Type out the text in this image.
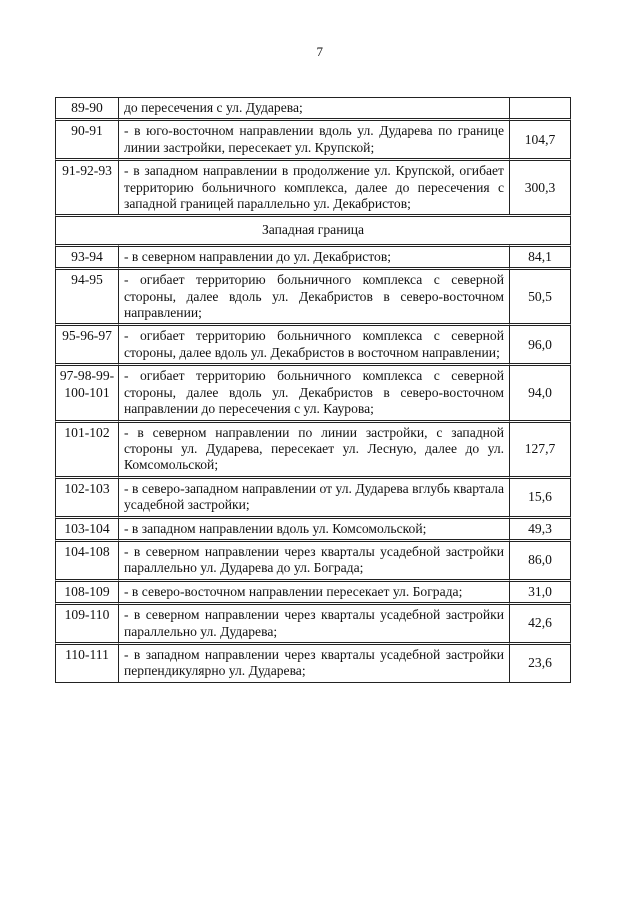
7
89-90	до пересечения с ул. Дударева;	
90-91	- в юго-восточном направлении вдоль ул. Дударева по границе линии застройки, пересекает ул. Крупской;	104,7
91-92-93	- в западном направлении в продолжение ул. Крупской, огибает территорию больничного комплекса, далее до пересечения с западной границей параллельно ул. Декабристов;	300,3
Западная граница		
93-94	- в северном направлении до ул. Декабристов;	84,1
94-95	- огибает территорию больничного комплекса с северной стороны, далее вдоль ул. Декабристов в северо-восточном направлении;	50,5
95-96-97	- огибает территорию больничного комплекса с северной стороны, далее вдоль ул. Декабристов в восточном направлении;	96,0
97-98-99-100-101	- огибает территорию больничного комплекса с северной стороны, далее вдоль ул. Декабристов в северо-восточном направлении до пересечения с ул. Каурова;	94,0
101-102	- в северном направлении по линии застройки, с западной стороны ул. Дударева, пересекает ул. Лесную, далее до ул. Комсомольской;	127,7
102-103	- в северо-западном направлении от ул. Дударева вглубь квартала усадебной застройки;	15,6
103-104	- в западном направлении вдоль ул. Комсомольской;	49,3
104-108	- в северном направлении через кварталы усадебной застройки параллельно ул. Дударева до ул. Бограда;	86,0
108-109	- в северо-восточном направлении пересекает ул. Бограда;	31,0
109-110	- в северном направлении через кварталы усадебной застройки параллельно ул. Дударева;	42,6
110-111	- в западном направлении через кварталы усадебной застройки перпендикулярно ул. Дударева;	23,6
